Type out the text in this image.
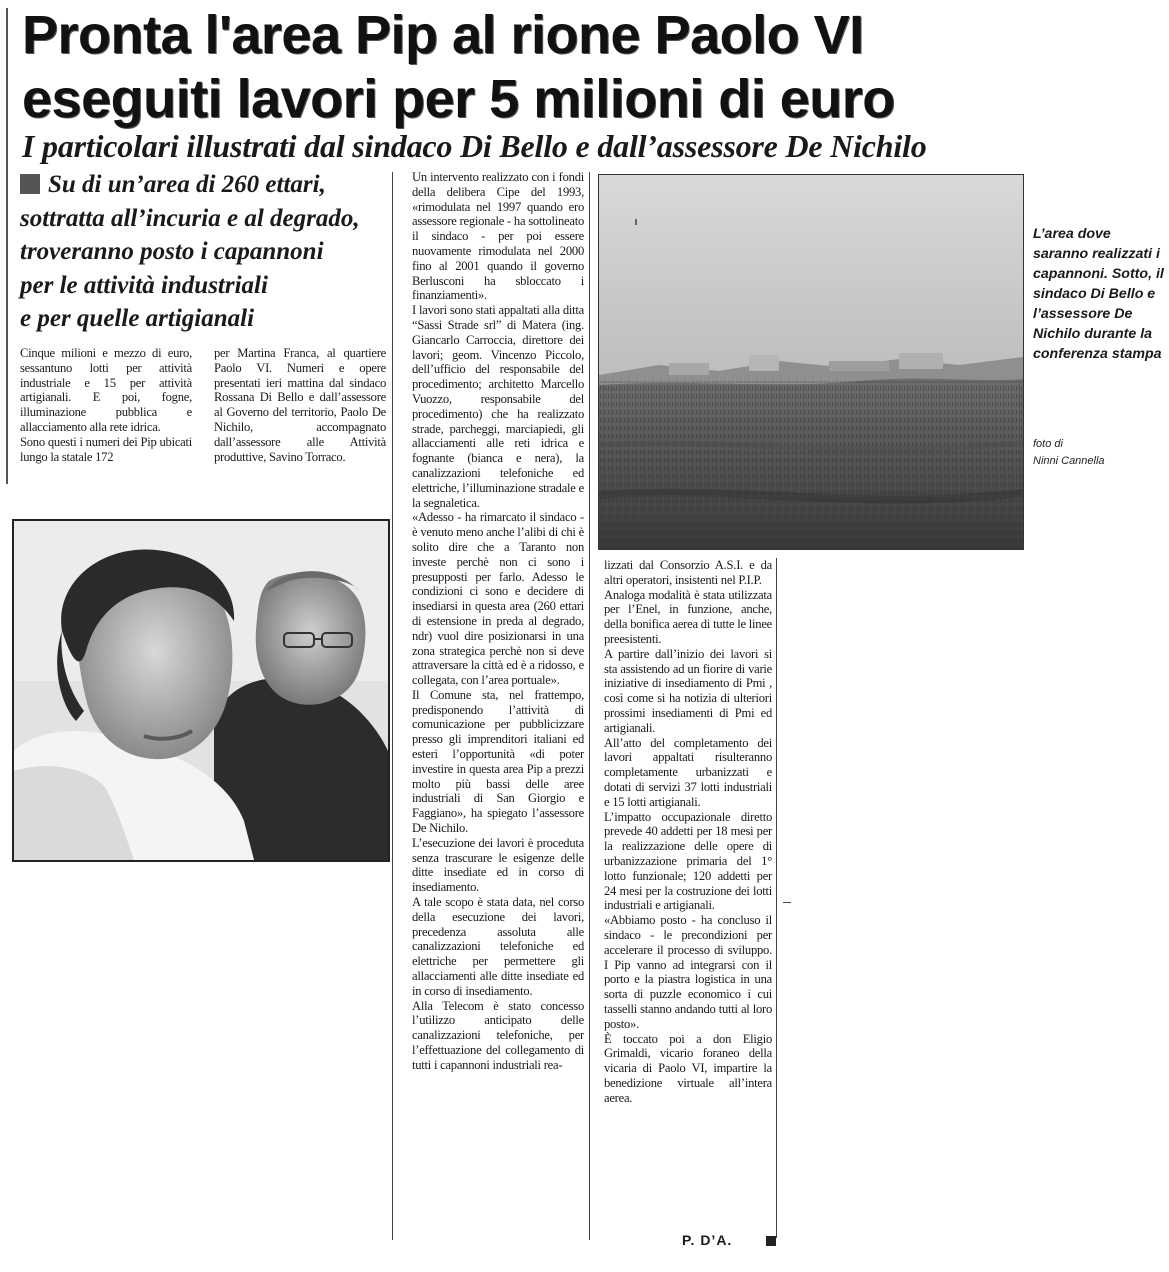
Pronta l'area Pip al rione Paolo VI
eseguiti lavori per 5 milioni di euro
I particolari illustrati dal sindaco Di Bello e dall’assessore De Nichilo
Su di un’area di 260 ettari,
sottratta all’incuria e al degrado,
troveranno posto i capannoni
per le attività industriali
e per quelle artigianali

Cinque milioni e mezzo di euro, sessantuno lotti per attività industriale e 15 per attività artigianali. E poi, fogne, illuminazione pubblica e allacciamento alla rete idrica.

Sono questi i numeri dei Pip ubicati lungo la statale 172

per Martina Franca, al quartiere Paolo VI. Numeri e opere presentati ieri mattina dal sindaco Rossana Di Bello e dall’assessore al Governo del territorio, Paolo De Nichilo, accompagnato dall’assessore alle Attività produttive, Savino Torraco.

Un intervento realizzato con i fondi della delibera Cipe del 1993, «rimodulata nel 1997 quando ero assessore regionale - ha sottolineato il sindaco - per poi essere nuovamente rimodulata nel 2000 fino al 2001 quando il governo Berlusconi ha sbloccato i finanziamenti».

I lavori sono stati appaltati alla ditta “Sassi Strade srl” di Matera (ing. Giancarlo Carroccia, direttore dei lavori; geom. Vincenzo Piccolo, dell’ufficio del responsabile del procedimento; architetto Marcello Vuozzo, responsabile del procedimento) che ha realizzato strade, parcheggi, marciapiedi, gli allacciamenti alle reti idrica e fognante (bianca e nera), la canalizzazioni telefoniche ed elettriche, l’illuminazione stradale e la segnaletica.

«Adesso - ha rimarcato il sindaco - è venuto meno anche l’alibi di chi è solito dire che a Taranto non investe perchè non ci sono i presupposti per farlo. Adesso le condizioni ci sono e decidere di insediarsi in questa area (260 ettari di estensione in preda al degrado, ndr) vuol dire posizionarsi in una zona strategica perchè non si deve attraversare la città ed è a ridosso, e collegata, con l’area portuale».

Il Comune sta, nel frattempo, predisponendo l’attività di comunicazione per pubblicizzare presso gli imprenditori italiani ed esteri l’opportunità «di poter investire in questa area Pip a prezzi molto più bassi delle aree industriali di San Giorgio e Faggiano», ha spiegato l’assessore De Nichilo.

L’esecuzione dei lavori è proceduta senza trascurare le esigenze delle ditte insediate ed in corso di insediamento.

A tale scopo è stata data, nel corso della esecuzione dei lavori, precedenza assoluta alle canalizzazioni telefoniche ed elettriche per permettere gli allacciamenti alle ditte insediate ed in corso di insediamento.

Alla Telecom è stato concesso l’utilizzo anticipato delle canalizzazioni telefoniche, per l’effettuazione del collegamento di tutti i capannoni industriali rea-

L’area dove saranno realizzati i capannoni. Sotto, il sindaco Di Bello e l’assessore De Nichilo durante la conferenza stampa
foto di
Ninni Cannella

lizzati dal Consorzio A.S.I. e da altri operatori, insistenti nel P.I.P.

Analoga modalità è stata utilizzata per l’Enel, in funzione, anche, della bonifica aerea di tutte le linee preesistenti.

A partire dall’inizio dei lavori si sta assistendo ad un fiorire di varie iniziative di insediamento di Pmi , così come si ha notizia di ulteriori prossimi insediamenti di Pmi ed artigianali.

All’atto del completamento dei lavori appaltati risulteranno completamente urbanizzati e dotati di servizi 37 lotti industriali e 15 lotti artigianali.

L’impatto occupazionale diretto prevede 40 addetti per 18 mesi per la realizzazione delle opere di urbanizzazione primaria del 1° lotto funzionale; 120 addetti per 24 mesi per la costruzione dei lotti industriali e artigianali.

«Abbiamo posto - ha concluso il sindaco - le precondizioni per accelerare il processo di sviluppo. I Pip vanno ad integrarsi con il porto e la piastra logistica in una sorta di puzzle economico i cui tasselli stanno andando tutti al loro posto».

È toccato poi a don Eligio Grimaldi, vicario foraneo della vicaria di Paolo VI, impartire la benedizione virtuale all’intera aerea.

P. D’A.
